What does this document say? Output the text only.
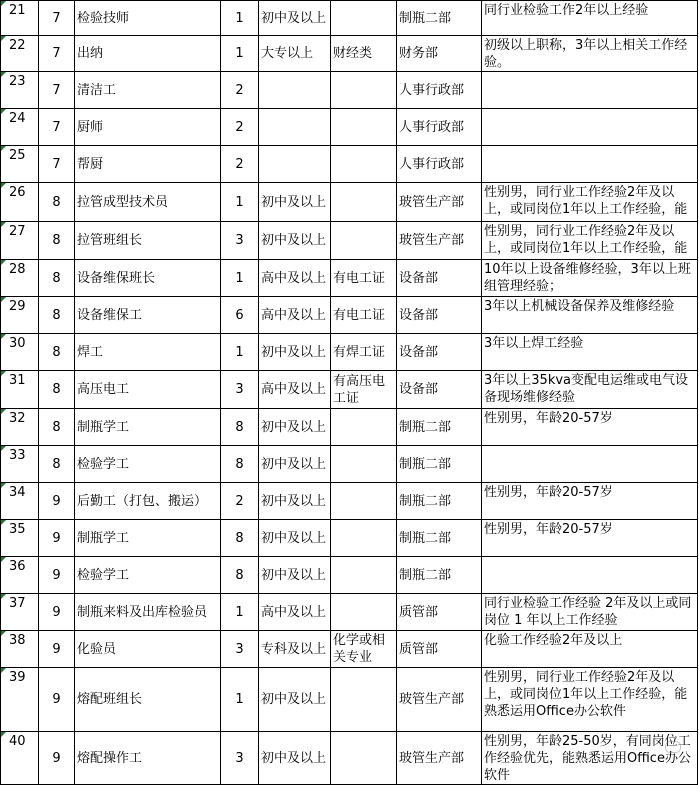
21	7	检验技师	1	初中及以上		制瓶二部	同行业检验工作2年以上经验
22	7	出纳	1	大专以上	财经类	财务部	初级以上职称，3年以上相关工作经验。
23	7	清洁工	2			人事行政部	
24	7	厨师	2			人事行政部	
25	7	帮厨	2			人事行政部	
26	8	拉管成型技术员	1	初中及以上		玻管生产部	性别男，同行业工作经验2年及以上，或同岗位1年以上工作经验，能
27	8	拉管班组长	3	初中及以上		玻管生产部	性别男，同行业工作经验2年及以上，或同岗位1年以上工作经验，能
28	8	设备维保班长	1	高中及以上	有电工证	设备部	10年以上设备维修经验，3年以上班组管理经验；
29	8	设备维保工	6	高中及以上	有电工证	设备部	3年以上机械设备保养及维修经验
30	8	焊工	1	初中及以上	有焊工证	设备部	3年以上焊工经验
31	8	高压电工	3	高中及以上	有高压电工证	设备部	3年以上35kva变配电运维或电气设备现场维修经验
32	8	制瓶学工	8	初中及以上		制瓶二部	性别男，年龄20-57岁
33	8	检验学工	8	初中及以上		制瓶二部	
34	9	后勤工（打包、搬运）	2	初中及以上		制瓶二部	性别男，年龄20-57岁
35	9	制瓶学工	8	初中及以上		制瓶二部	性别男，年龄20-57岁
36	9	检验学工	8	初中及以上		制瓶二部	
37	9	制瓶来料及出库检验员	1	高中及以上		质管部	同行业检验工作经验 2年及以上或同岗位 1 年以上工作经验
38	9	化验员	3	专科及以上	化学或相关专业	质管部	化验工作经验2年及以上
39	9	熔配班组长	1	初中及以上		玻管生产部	性别男，同行业工作经验2年及以上，或同岗位1年以上工作经验，能熟悉运用Office办公软件
40	9	熔配操作工	3	初中及以上		玻管生产部	性别男，年龄25-50岁，有同岗位工作经验优先，能熟悉运用Office办公软件
